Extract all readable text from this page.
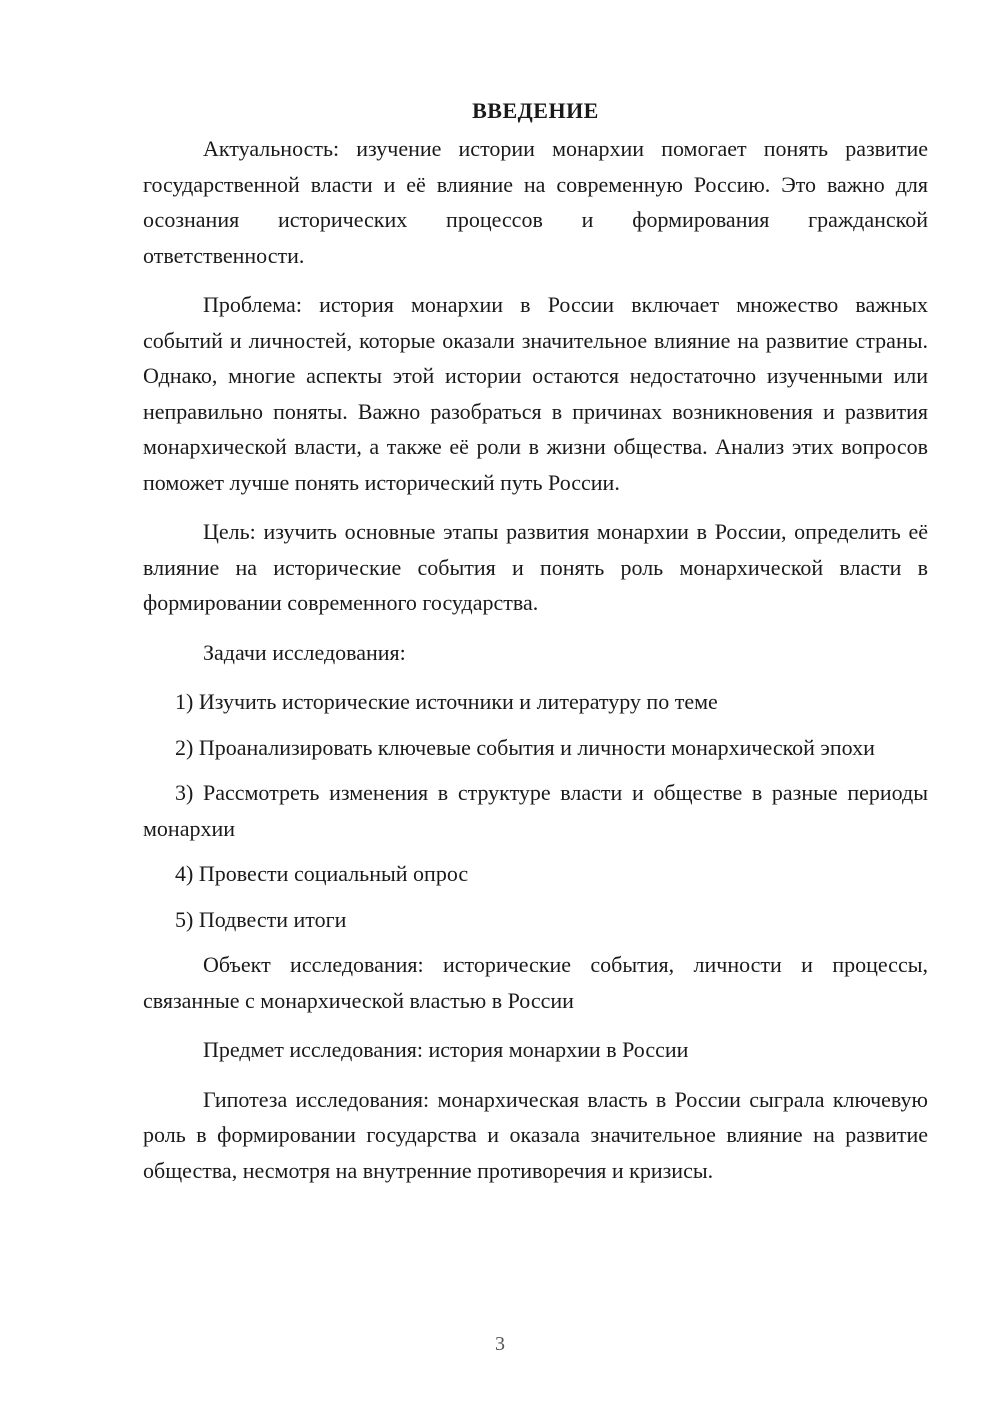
ВВЕДЕНИЕ

Актуальность: изучение истории монархии помогает понять развитие государственной власти и её влияние на современную Россию. Это важно для осознания исторических процессов и формирования гражданской ответственности.

Проблема: история монархии в России включает множество важных событий и личностей, которые оказали значительное влияние на развитие страны. Однако, многие аспекты этой истории остаются недостаточно изученными или неправильно поняты. Важно разобраться в причинах возникновения и развития монархической власти, а также её роли в жизни общества. Анализ этих вопросов поможет лучше понять исторический путь России.

Цель: изучить основные этапы развития монархии в России, определить её влияние на исторические события и понять роль монархической власти в формировании современного государства.

Задачи исследования:

1) Изучить исторические источники и литературу по теме

2) Проанализировать ключевые события и личности монархической эпохи

3) Рассмотреть изменения в структуре власти и обществе в разные периоды монархии

4) Провести социальный опрос

5) Подвести итоги

Объект исследования: исторические события, личности и процессы, связанные с монархической властью в России

Предмет исследования: история монархии в России

Гипотеза исследования: монархическая власть в России сыграла ключевую роль в формировании государства и оказала значительное влияние на развитие общества, несмотря на внутренние противоречия и кризисы.

3
